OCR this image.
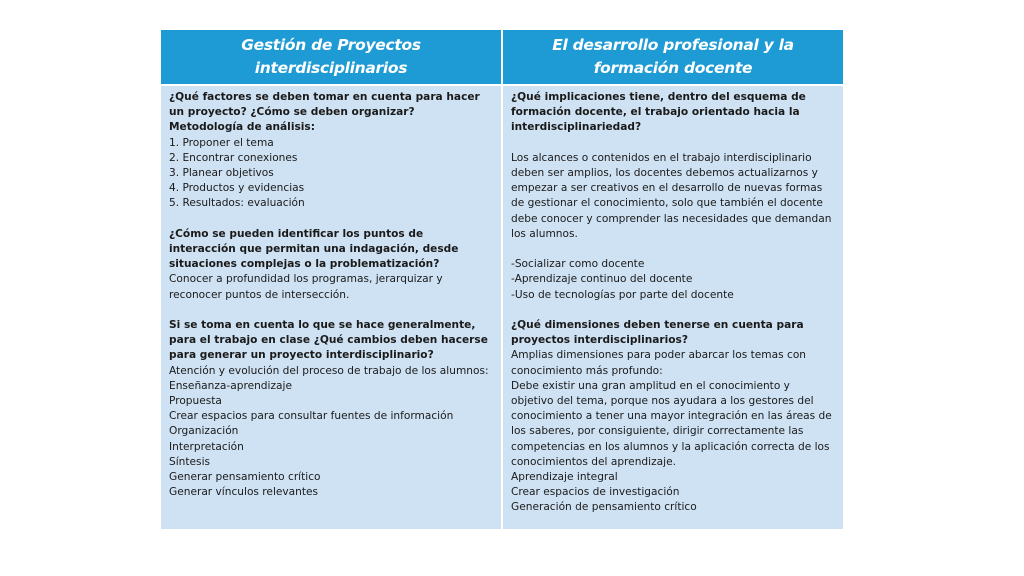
Gestión de Proyectos interdisciplinarios
El desarrollo profesional y la formación docente
¿Qué factores se deben tomar en cuenta para hacer un proyecto? ¿Cómo se deben organizar?
Metodología de análisis:
1. Proponer el tema
2. Encontrar conexiones
3. Planear objetivos
4. Productos y evidencias
5. Resultados: evaluación
¿Cómo se pueden identificar los puntos de interacción que permitan una indagación, desde situaciones complejas o la problematización?
Conocer a profundidad los programas, jerarquizar y reconocer puntos de intersección.
Si se toma en cuenta lo que se hace generalmente, para el trabajo en clase ¿Qué cambios deben hacerse para generar un proyecto interdisciplinario?
Atención y evolución del proceso de trabajo de los alumnos:
Enseñanza-aprendizaje
Propuesta
Crear espacios para consultar fuentes de información
Organización
Interpretación
Síntesis
Generar pensamiento crítico
Generar vínculos relevantes
¿Qué implicaciones tiene, dentro del esquema de formación docente, el trabajo orientado hacia la interdisciplinariedad?
Los alcances o contenidos en el trabajo interdisciplinario deben ser amplios, los docentes debemos actualizarnos y empezar a ser creativos en el desarrollo de nuevas formas de gestionar el conocimiento, solo que también el docente debe conocer y comprender las necesidades que demandan los alumnos.
-Socializar como docente
-Aprendizaje continuo del docente
-Uso de tecnologías por parte del docente
¿Qué dimensiones deben tenerse en cuenta para proyectos interdisciplinarios?
Amplias dimensiones para poder abarcar los temas con conocimiento más profundo:
Debe existir una gran amplitud en el conocimiento y objetivo del tema, porque nos ayudara a los gestores del conocimiento a tener una mayor integración en las áreas de los saberes, por consiguiente, dirigir correctamente las competencias en los alumnos y la aplicación correcta de los conocimientos del aprendizaje.
Aprendizaje integral
Crear espacios de investigación
Generación de pensamiento crítico
